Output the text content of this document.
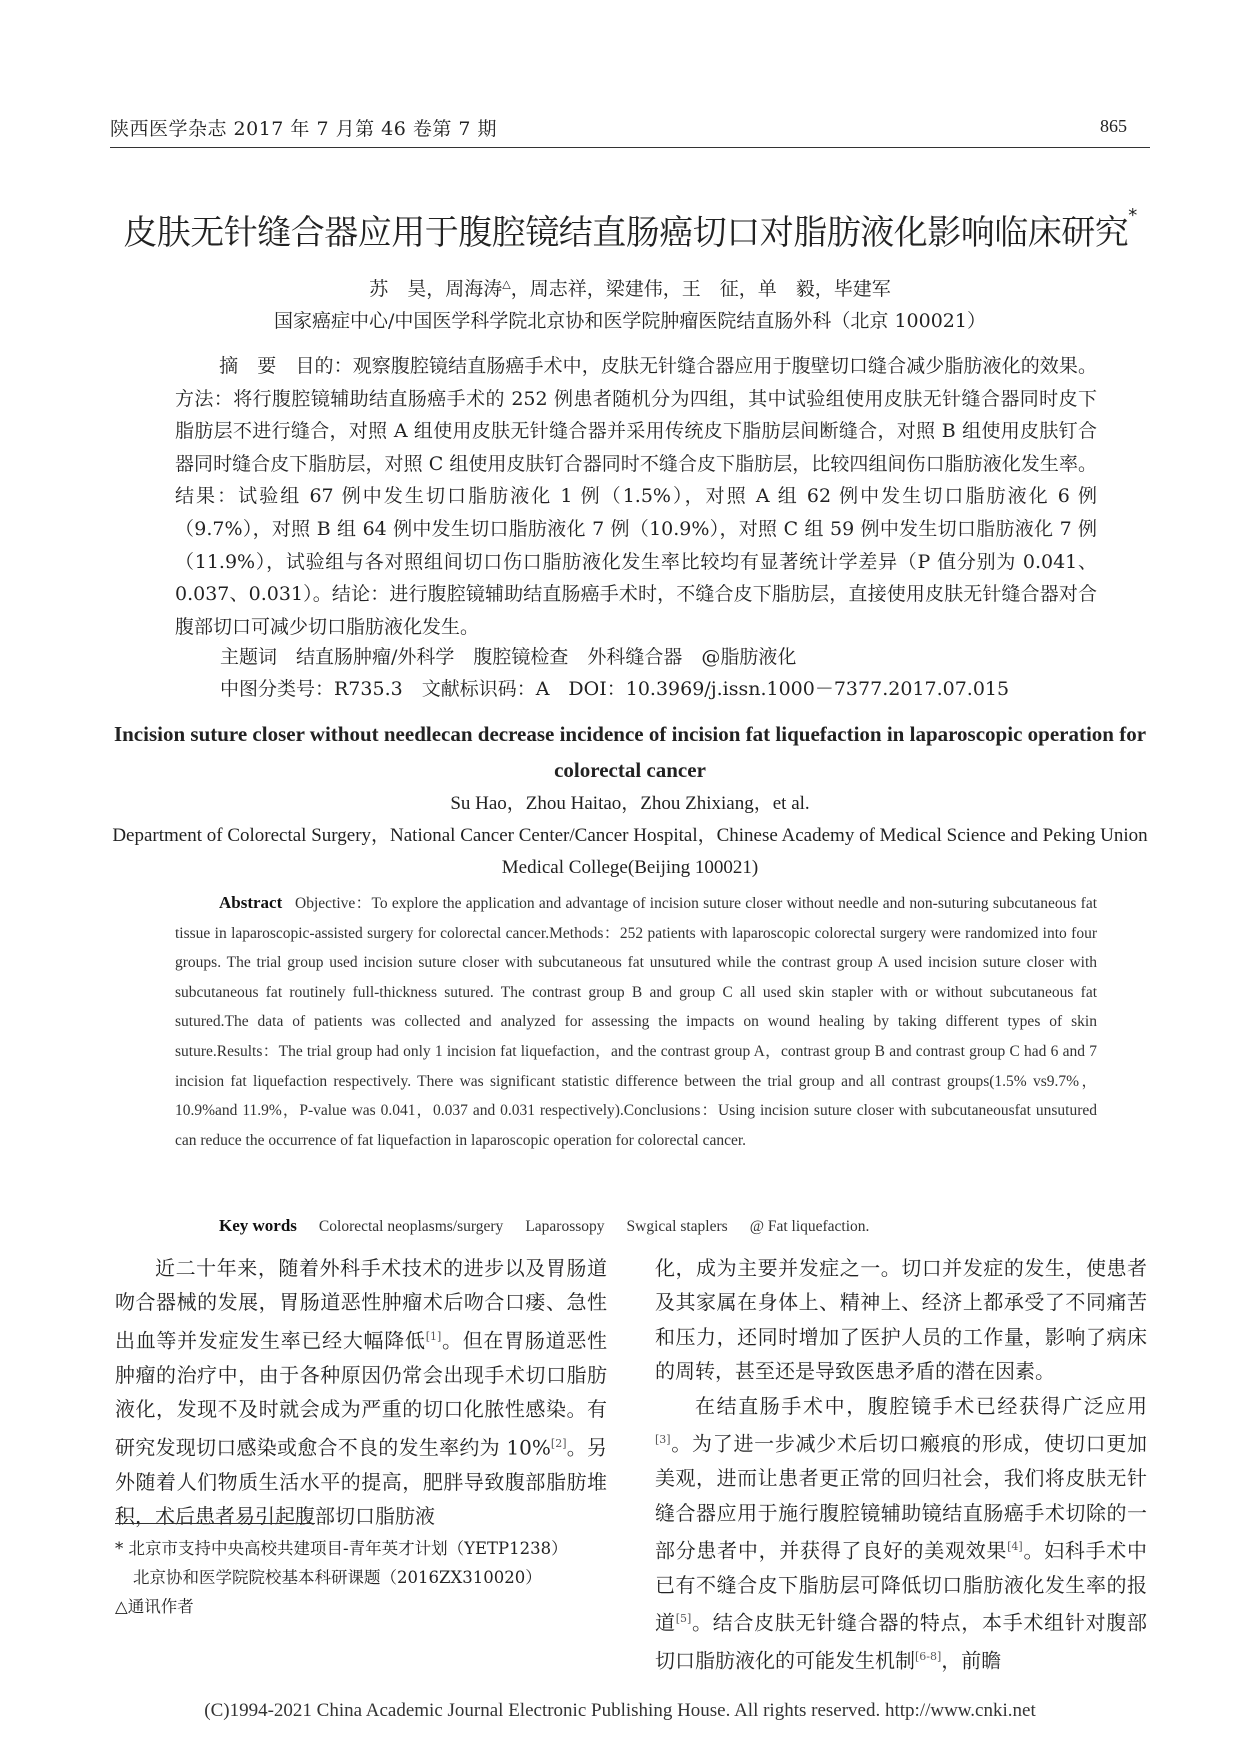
陕西医学杂志 2017 年 7 月第 46 卷第 7 期	865
皮肤无针缝合器应用于腹腔镜结直肠癌切口对脂肪液化影响临床研究*
苏　昊，周海涛△，周志祥，梁建伟，王　征，单　毅，毕建军
国家癌症中心/中国医学科学院北京协和医学院肿瘤医院结直肠外科（北京 100021）
摘　要　 目的：观察腹腔镜结直肠癌手术中，皮肤无针缝合器应用于腹壁切口缝合减少脂肪液化的效果。方法：将行腹腔镜辅助结直肠癌手术的 252 例患者随机分为四组，其中试验组使用皮肤无针缝合器同时皮下脂肪层不进行缝合，对照 A 组使用皮肤无针缝合器并采用传统皮下脂肪层间断缝合，对照 B 组使用皮肤钉合器同时缝合皮下脂肪层，对照 C 组使用皮肤钉合器同时不缝合皮下脂肪层，比较四组间伤口脂肪液化发生率。结果：试验组 67 例中发生切口脂肪液化 1 例（1.5%），对照 A 组 62 例中发生切口脂肪液化 6 例（9.7%），对照 B 组 64 例中发生切口脂肪液化 7 例（10.9%），对照 C 组 59 例中发生切口脂肪液化 7 例（11.9%），试验组与各对照组间切口伤口脂肪液化发生率比较均有显著统计学差异（P 值分别为 0.041、0.037、0.031）。结论：进行腹腔镜辅助结直肠癌手术时，不缝合皮下脂肪层，直接使用皮肤无针缝合器对合腹部切口可减少切口脂肪液化发生。
主题词　结直肠肿瘤/外科学　腹腔镜检查　外科缝合器　@脂肪液化
中图分类号：R735.3　文献标识码：A　DOI：10.3969/j.issn.1000－7377.2017.07.015
Incision suture closer without needlecan decrease incidence of incision fat liquefaction in laparoscopic operation for colorectal cancer
Su Hao，Zhou Haitao，Zhou Zhixiang，et al.
Department of Colorectal Surgery，National Cancer Center/Cancer Hospital，Chinese Academy of Medical Science and Peking Union Medical College(Beijing 100021)
Abstract Objective：To explore the application and advantage of incision suture closer without needle and non-suturing subcutaneous fat tissue in laparoscopic-assisted surgery for colorectal cancer.Methods：252 patients with laparoscopic colorectal surgery were randomized into four groups. The trial group used incision suture closer with subcutaneous fat unsutured while the contrast group A used incision suture closer with subcutaneous fat routinely full-thickness sutured. The contrast group B and group C all used skin stapler with or without subcutaneous fat sutured.The data of patients was collected and analyzed for assessing the impacts on wound healing by taking different types of skin suture.Results：The trial group had only 1 incision fat liquefaction，and the contrast group A，contrast group B and contrast group C had 6 and 7 incision fat liquefaction respectively. There was significant statistic difference between the trial group and all contrast groups(1.5% vs9.7%，10.9%and 11.9%，P-value was 0.041，0.037 and 0.031 respectively).Conclusions：Using incision suture closer with subcutaneousfat unsutured can reduce the occurrence of fat liquefaction in laparoscopic operation for colorectal cancer.
Key words Colorectal neoplasms/surgery Laparossopy Swgical staplers @ Fat liquefaction.

近二十年来，随着外科手术技术的进步以及胃肠道吻合器械的发展，胃肠道恶性肿瘤术后吻合口瘘、急性出血等并发症发生率已经大幅降低[1]。但在胃肠道恶性肿瘤的治疗中，由于各种原因仍常会出现手术切口脂肪液化，发现不及时就会成为严重的切口化脓性感染。有研究发现切口感染或愈合不良的发生率约为 10%[2]。另外随着人们物质生活水平的提高，肥胖导致腹部脂肪堆积，术后患者易引起腹部切口脂肪液

* 北京市支持中央高校共建项目-青年英才计划（YETP1238）
北京协和医学院院校基本科研课题（2016ZX310020）
△通讯作者

化，成为主要并发症之一。切口并发症的发生，使患者及其家属在身体上、精神上、经济上都承受了不同痛苦和压力，还同时增加了医护人员的工作量，影响了病床的周转，甚至还是导致医患矛盾的潜在因素。

在结直肠手术中，腹腔镜手术已经获得广泛应用[3]。为了进一步减少术后切口瘢痕的形成，使切口更加美观，进而让患者更正常的回归社会，我们将皮肤无针缝合器应用于施行腹腔镜辅助镜结直肠癌手术切除的一部分患者中，并获得了良好的美观效果[4]。妇科手术中已有不缝合皮下脂肪层可降低切口脂肪液化发生率的报道[5]。结合皮肤无针缝合器的特点，本手术组针对腹部切口脂肪液化的可能发生机制[6-8]，前瞻

(C)1994-2021 China Academic Journal Electronic Publishing House. All rights reserved. http://www.cnki.net
